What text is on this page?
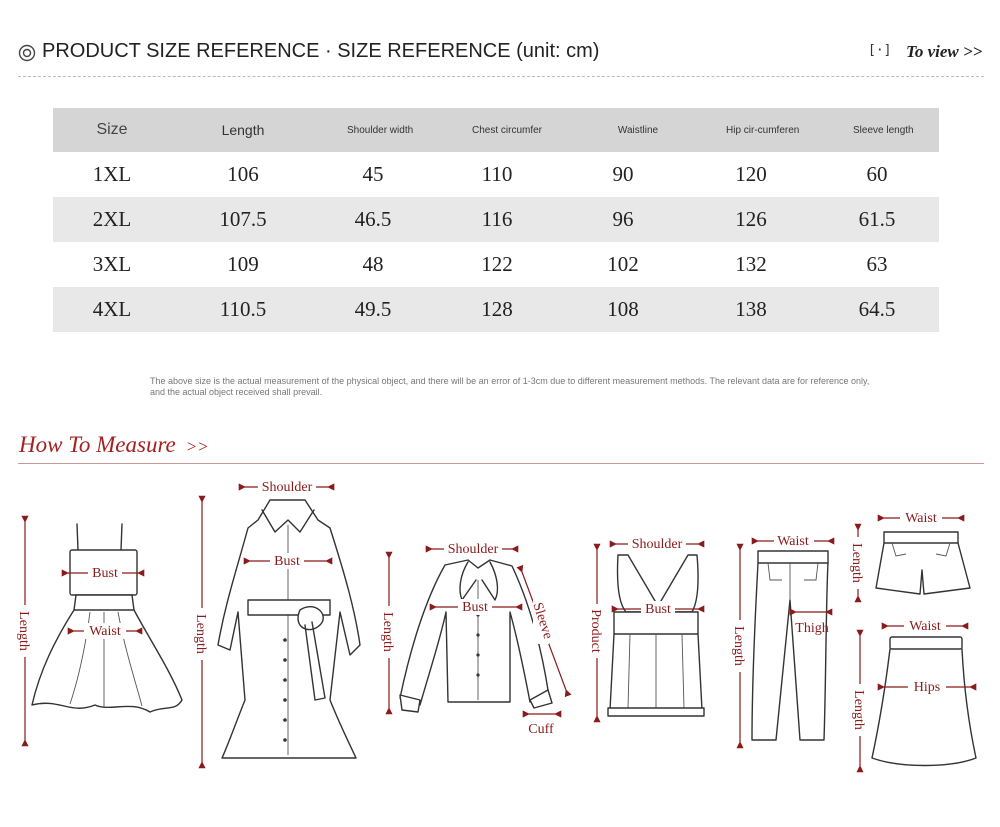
PRODUCT SIZE REFERENCE · SIZE REFERENCE (unit: cm)	[·] To view >>
Size	Length	Shoulder width	Chest circumfer	Waistline	Hip cir-cumferen	Sleeve length
1XL	106	45	110	90	120	60
2XL	107.5	46.5	116	96	126	61.5
3XL	109	48	122	102	132	63
4XL	110.5	49.5	128	108	138	64.5
The above size is the actual measurement of the physical object, and there will be an error of 1-3cm due to different measurement methods. The relevant data are for reference only, and the actual object received shall prevail.
How To Measure >>
Bust
Waist
Length
Shoulder
Bust
Length
Shoulder
Bust	Sleeve
Length
Cuff
Shoulder
Bust
Product
Waist
Thigh
Length
Waist
Length
Waist
Hips
Length
